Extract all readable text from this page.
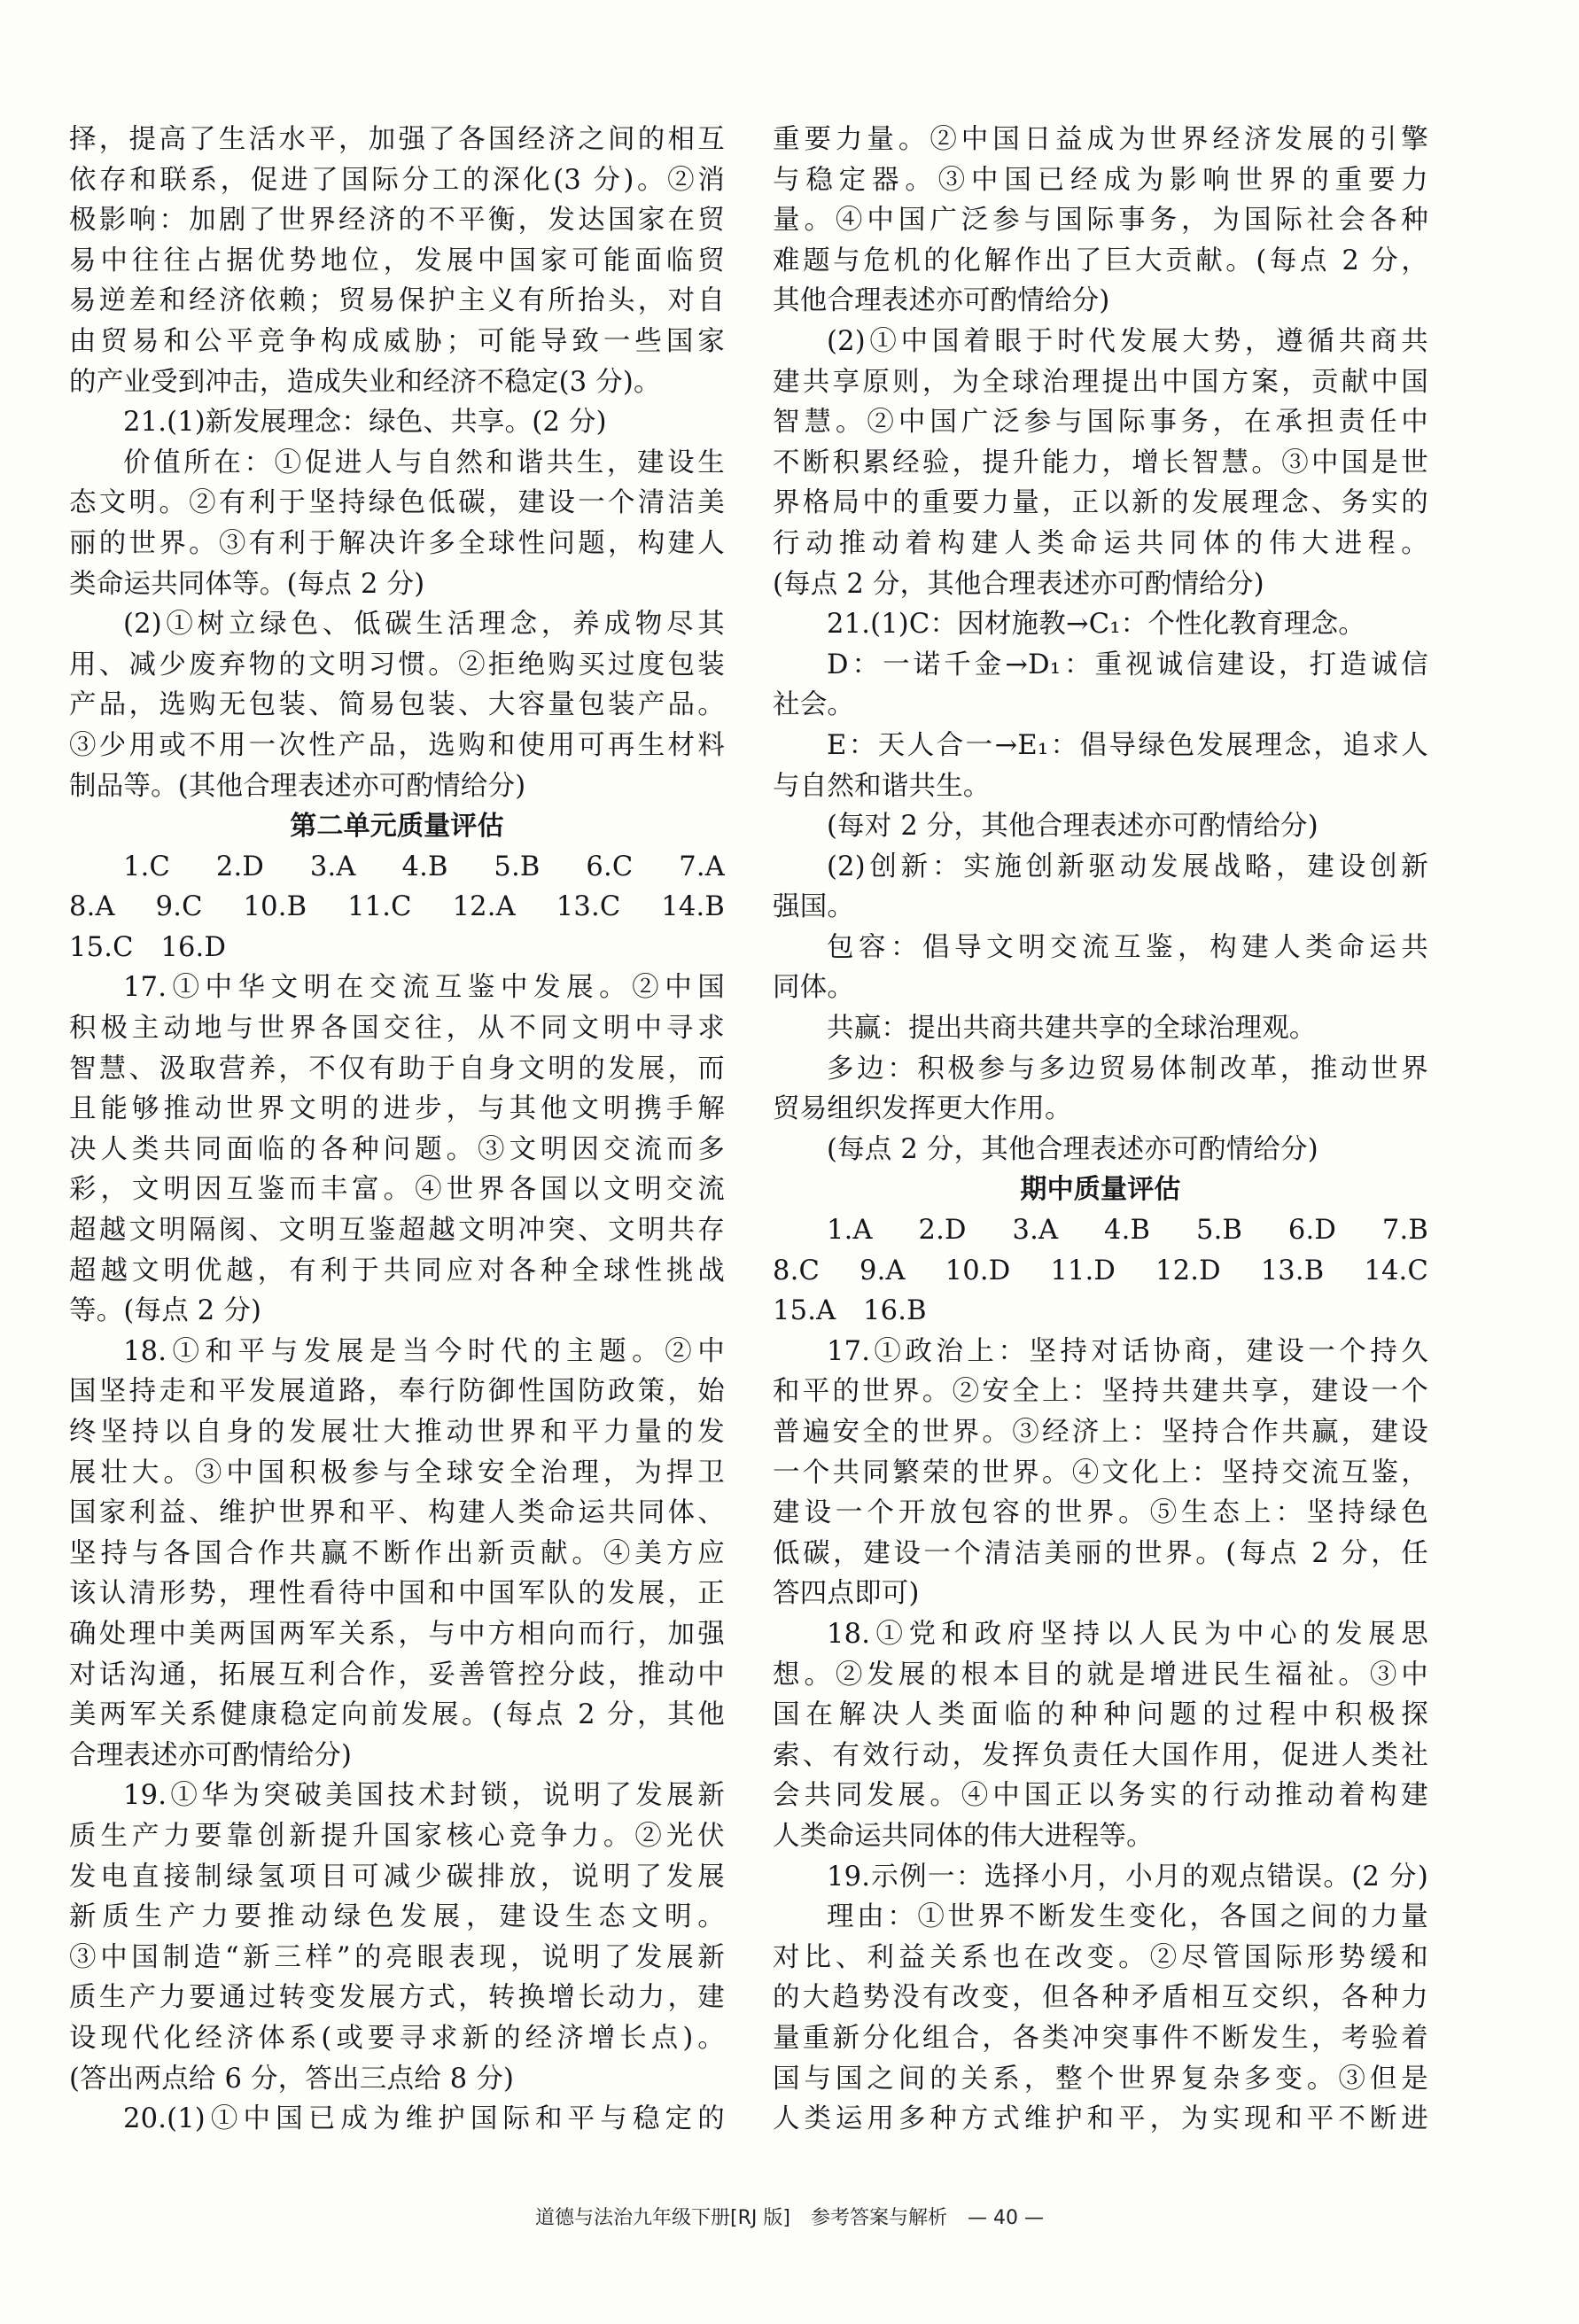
择，提高了生活水平，加强了各国经济之间的相互
依存和联系，促进了国际分工的深化(3 分)。②消
极影响：加剧了世界经济的不平衡，发达国家在贸
易中往往占据优势地位，发展中国家可能面临贸
易逆差和经济依赖；贸易保护主义有所抬头，对自
由贸易和公平竞争构成威胁；可能导致一些国家
的产业受到冲击，造成失业和经济不稳定(3 分)。
21.(1)新发展理念：绿色、共享。(2 分)
价值所在：①促进人与自然和谐共生，建设生
态文明。②有利于坚持绿色低碳，建设一个清洁美
丽的世界。③有利于解决许多全球性问题，构建人
类命运共同体等。(每点 2 分)
(2)①树立绿色、低碳生活理念，养成物尽其
用、减少废弃物的文明习惯。②拒绝购买过度包装
产品，选购无包装、简易包装、大容量包装产品。
③少用或不用一次性产品，选购和使用可再生材料
制品等。(其他合理表述亦可酌情给分)
第二单元质量评估
1.C　2.D　3.A　4.B　5.B　6.C　7.A
8.A　9.C　10.B　11.C　12.A　13.C　14.B
15.C　16.D
17.①中华文明在交流互鉴中发展。②中国
积极主动地与世界各国交往，从不同文明中寻求
智慧、汲取营养，不仅有助于自身文明的发展，而
且能够推动世界文明的进步，与其他文明携手解
决人类共同面临的各种问题。③文明因交流而多
彩，文明因互鉴而丰富。④世界各国以文明交流
超越文明隔阂、文明互鉴超越文明冲突、文明共存
超越文明优越，有利于共同应对各种全球性挑战
等。(每点 2 分)
18.①和平与发展是当今时代的主题。②中
国坚持走和平发展道路，奉行防御性国防政策，始
终坚持以自身的发展壮大推动世界和平力量的发
展壮大。③中国积极参与全球安全治理，为捍卫
国家利益、维护世界和平、构建人类命运共同体、
坚持与各国合作共赢不断作出新贡献。④美方应
该认清形势，理性看待中国和中国军队的发展，正
确处理中美两国两军关系，与中方相向而行，加强
对话沟通，拓展互利合作，妥善管控分歧，推动中
美两军关系健康稳定向前发展。(每点 2 分，其他
合理表述亦可酌情给分)
19.①华为突破美国技术封锁，说明了发展新
质生产力要靠创新提升国家核心竞争力。②光伏
发电直接制绿氢项目可减少碳排放，说明了发展
新质生产力要推动绿色发展，建设生态文明。
③中国制造“新三样”的亮眼表现，说明了发展新
质生产力要通过转变发展方式，转换增长动力，建
设现代化经济体系(或要寻求新的经济增长点)。
(答出两点给 6 分，答出三点给 8 分)
20.(1)①中国已成为维护国际和平与稳定的
重要力量。②中国日益成为世界经济发展的引擎
与稳定器。③中国已经成为影响世界的重要力
量。④中国广泛参与国际事务，为国际社会各种
难题与危机的化解作出了巨大贡献。(每点 2 分，
其他合理表述亦可酌情给分)
(2)①中国着眼于时代发展大势，遵循共商共
建共享原则，为全球治理提出中国方案，贡献中国
智慧。②中国广泛参与国际事务，在承担责任中
不断积累经验，提升能力，增长智慧。③中国是世
界格局中的重要力量，正以新的发展理念、务实的
行动推动着构建人类命运共同体的伟大进程。
(每点 2 分，其他合理表述亦可酌情给分)
21.(1)C：因材施教→C₁：个性化教育理念。
D：一诺千金→D₁：重视诚信建设，打造诚信
社会。
E：天人合一→E₁：倡导绿色发展理念，追求人
与自然和谐共生。
(每对 2 分，其他合理表述亦可酌情给分)
(2)创新：实施创新驱动发展战略，建设创新
强国。
包容：倡导文明交流互鉴，构建人类命运共
同体。
共赢：提出共商共建共享的全球治理观。
多边：积极参与多边贸易体制改革，推动世界
贸易组织发挥更大作用。
(每点 2 分，其他合理表述亦可酌情给分)
期中质量评估
1.A　2.D　3.A　4.B　5.B　6.D　7.B
8.C　9.A　10.D　11.D　12.D　13.B　14.C
15.A　16.B
17.①政治上：坚持对话协商，建设一个持久
和平的世界。②安全上：坚持共建共享，建设一个
普遍安全的世界。③经济上：坚持合作共赢，建设
一个共同繁荣的世界。④文化上：坚持交流互鉴，
建设一个开放包容的世界。⑤生态上：坚持绿色
低碳，建设一个清洁美丽的世界。(每点 2 分，任
答四点即可)
18.①党和政府坚持以人民为中心的发展思
想。②发展的根本目的就是增进民生福祉。③中
国在解决人类面临的种种问题的过程中积极探
索、有效行动，发挥负责任大国作用，促进人类社
会共同发展。④中国正以务实的行动推动着构建
人类命运共同体的伟大进程等。
19.示例一：选择小月，小月的观点错误。(2 分)
理由：①世界不断发生变化，各国之间的力量
对比、利益关系也在改变。②尽管国际形势缓和
的大趋势没有改变，但各种矛盾相互交织，各种力
量重新分化组合，各类冲突事件不断发生，考验着
国与国之间的关系，整个世界复杂多变。③但是
人类运用多种方式维护和平，为实现和平不断进
道德与法治九年级下册[RJ 版] 参考答案与解析 — 40 —
